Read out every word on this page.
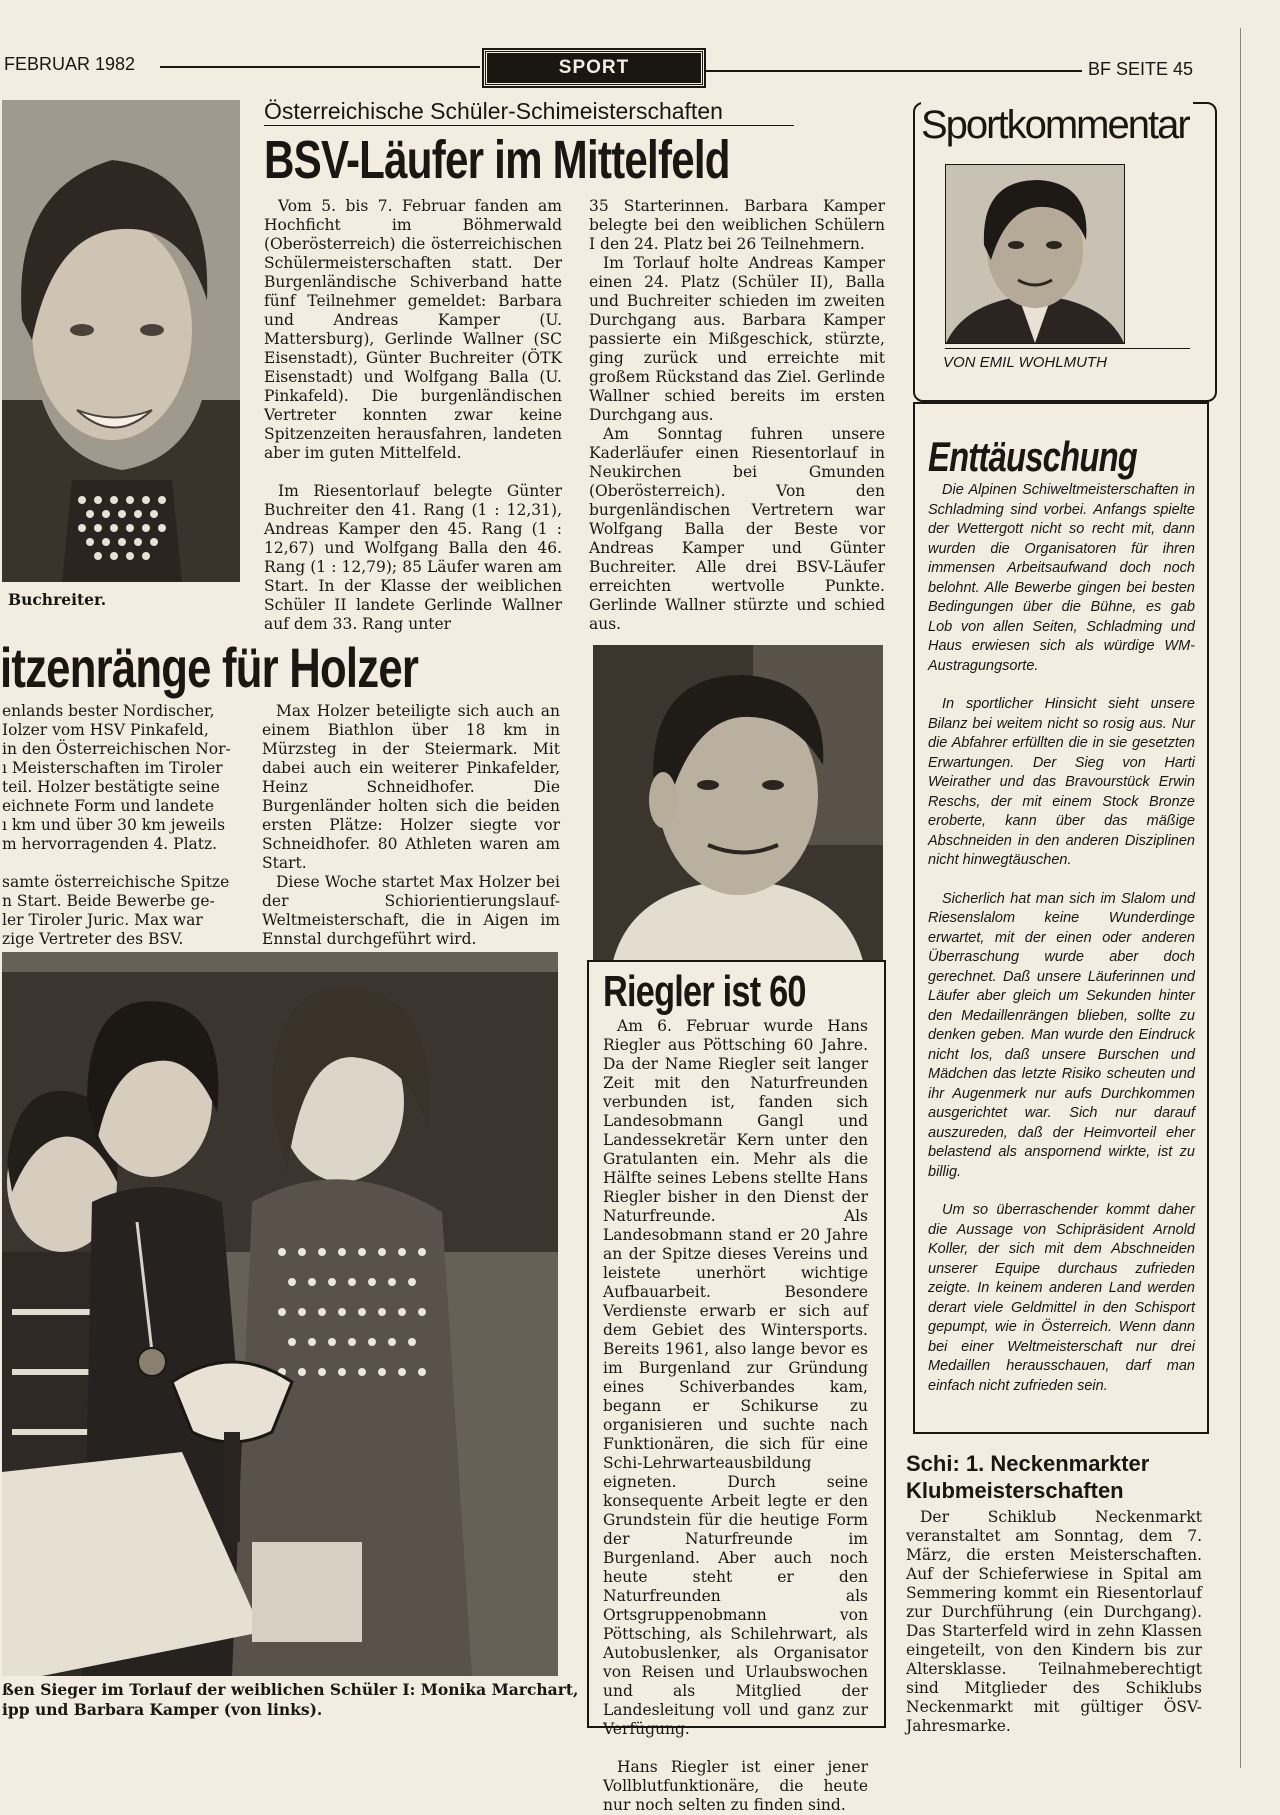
FEBRUAR 1982	SPORT	BF SEITE 45
Buchreiter.
Österreichische Schüler-Schimeisterschaften
BSV-Läufer im Mittelfeld

Vom 5. bis 7. Februar fanden am Hochficht im Böhmerwald (Oberösterreich) die österreichischen Schülermeisterschaften statt. Der Burgenländische Schiverband hatte fünf Teilnehmer gemeldet: Barbara und Andreas Kamper (U. Mattersburg), Gerlinde Wallner (SC Eisenstadt), Günter Buchreiter (ÖTK Eisenstadt) und Wolfgang Balla (U. Pinkafeld). Die burgenländischen Vertreter konnten zwar keine Spitzenzeiten herausfahren, landeten aber im guten Mittelfeld.

Im Riesentorlauf belegte Günter Buchreiter den 41. Rang (1 : 12,31), Andreas Kamper den 45. Rang (1 : 12,67) und Wolfgang Balla den 46. Rang (1 : 12,79); 85 Läufer waren am Start. In der Klasse der weiblichen Schüler II landete Gerlinde Wallner auf dem 33. Rang unter

35 Starterinnen. Barbara Kamper belegte bei den weiblichen Schülern I den 24. Platz bei 26 Teilnehmern.

Im Torlauf holte Andreas Kamper einen 24. Platz (Schüler II), Balla und Buchreiter schieden im zweiten Durchgang aus. Barbara Kamper passierte ein Mißgeschick, stürzte, ging zurück und erreichte mit großem Rückstand das Ziel. Gerlinde Wallner schied bereits im ersten Durchgang aus.

Am Sonntag fuhren unsere Kaderläufer einen Riesentorlauf in Neukirchen bei Gmunden (Oberösterreich). Von den burgenländischen Vertretern war Wolfgang Balla der Beste vor Andreas Kamper und Günter Buchreiter. Alle drei BSV-Läufer erreichten wertvolle Punkte. Gerlinde Wallner stürzte und schied aus.

itzenränge für Holzer
enlands bester Nordischer,
Iolzer vom HSV Pinkafeld,
in den Österreichischen Nor-
ı Meisterschaften im Tiroler
teil. Holzer bestätigte seine
eichnete Form und landete
ı km und über 30 km jeweils
m hervorragenden 4. Platz.
samte österreichische Spitze
n Start. Beide Bewerbe ge-
ler Tiroler Juric. Max war
zige Vertreter des BSV.

Max Holzer beteiligte sich auch an einem Biathlon über 18 km in Mürzsteg in der Steiermark. Mit dabei auch ein weiterer Pinkafelder, Heinz Schneidhofer. Die Burgenländer holten sich die beiden ersten Plätze: Holzer siegte vor Schneidhofer. 80 Athleten waren am Start.

Diese Woche startet Max Holzer bei der Schiorientierungslauf-Weltmeisterschaft, die in Aigen im Ennstal durchgeführt wird.

ßen Sieger im Torlauf der weiblichen Schüler I: Monika Marchart,
ipp und Barbara Kamper (von links).
Riegler ist 60

Am 6. Februar wurde Hans Riegler aus Pöttsching 60 Jahre. Da der Name Riegler seit langer Zeit mit den Naturfreunden verbunden ist, fanden sich Landesobmann Gangl und Landessekretär Kern unter den Gratulanten ein. Mehr als die Hälfte seines Lebens stellte Hans Riegler bisher in den Dienst der Naturfreunde. Als Landesobmann stand er 20 Jahre an der Spitze dieses Vereins und leistete unerhört wichtige Aufbauarbeit. Besondere Verdienste erwarb er sich auf dem Gebiet des Wintersports. Bereits 1961, also lange bevor es im Burgenland zur Gründung eines Schiverbandes kam, begann er Schikurse zu organisieren und suchte nach Funktionären, die sich für eine Schi-Lehrwarteausbildung eigneten. Durch seine konsequente Arbeit legte er den Grundstein für die heutige Form der Naturfreunde im Burgenland. Aber auch noch heute steht er den Naturfreunden als Ortsgruppenobmann von Pöttsching, als Schilehrwart, als Autobuslenker, als Organisator von Reisen und Urlaubswochen und als Mitglied der Landesleitung voll und ganz zur Verfügung.

Hans Riegler ist einer jener Vollblutfunktionäre, die heute nur noch selten zu finden sind.

Sportkommentar
VON EMIL WOHLMUTH
Enttäuschung

Die Alpinen Schiweltmeisterschaften in Schladming sind vorbei. Anfangs spielte der Wettergott nicht so recht mit, dann wurden die Organisatoren für ihren immensen Arbeitsaufwand doch noch belohnt. Alle Bewerbe gingen bei besten Bedingungen über die Bühne, es gab Lob von allen Seiten, Schladming und Haus erwiesen sich als würdige WM-Austragungsorte.

In sportlicher Hinsicht sieht unsere Bilanz bei weitem nicht so rosig aus. Nur die Abfahrer erfüllten die in sie gesetzten Erwartungen. Der Sieg von Harti Weirather und das Bravourstück Erwin Reschs, der mit einem Stock Bronze eroberte, kann über das mäßige Abschneiden in den anderen Disziplinen nicht hinwegtäuschen.

Sicherlich hat man sich im Slalom und Riesenslalom keine Wunderdinge erwartet, mit der einen oder anderen Überraschung wurde aber doch gerechnet. Daß unsere Läuferinnen und Läufer aber gleich um Sekunden hinter den Medaillenrängen blieben, sollte zu denken geben. Man wurde den Eindruck nicht los, daß unsere Burschen und Mädchen das letzte Risiko scheuten und ihr Augenmerk nur aufs Durchkommen ausgerichtet war. Sich nur darauf auszureden, daß der Heimvorteil eher belastend als anspornend wirkte, ist zu billig.

Um so überraschender kommt daher die Aussage von Schipräsident Arnold Koller, der sich mit dem Abschneiden unserer Equipe durchaus zufrieden zeigte. In keinem anderen Land werden derart viele Geldmittel in den Schisport gepumpt, wie in Österreich. Wenn dann bei einer Weltmeisterschaft nur drei Medaillen herausschauen, darf man einfach nicht zufrieden sein.

Schi: 1. Neckenmarkter
Klubmeisterschaften

Der Schiklub Neckenmarkt veranstaltet am Sonntag, dem 7. März, die ersten Meisterschaften. Auf der Schieferwiese in Spital am Semmering kommt ein Riesentorlauf zur Durchführung (ein Durchgang). Das Starterfeld wird in zehn Klassen eingeteilt, von den Kindern bis zur Altersklasse. Teilnahmeberechtigt sind Mitglieder des Schiklubs Neckenmarkt mit gültiger ÖSV-Jahresmarke.
